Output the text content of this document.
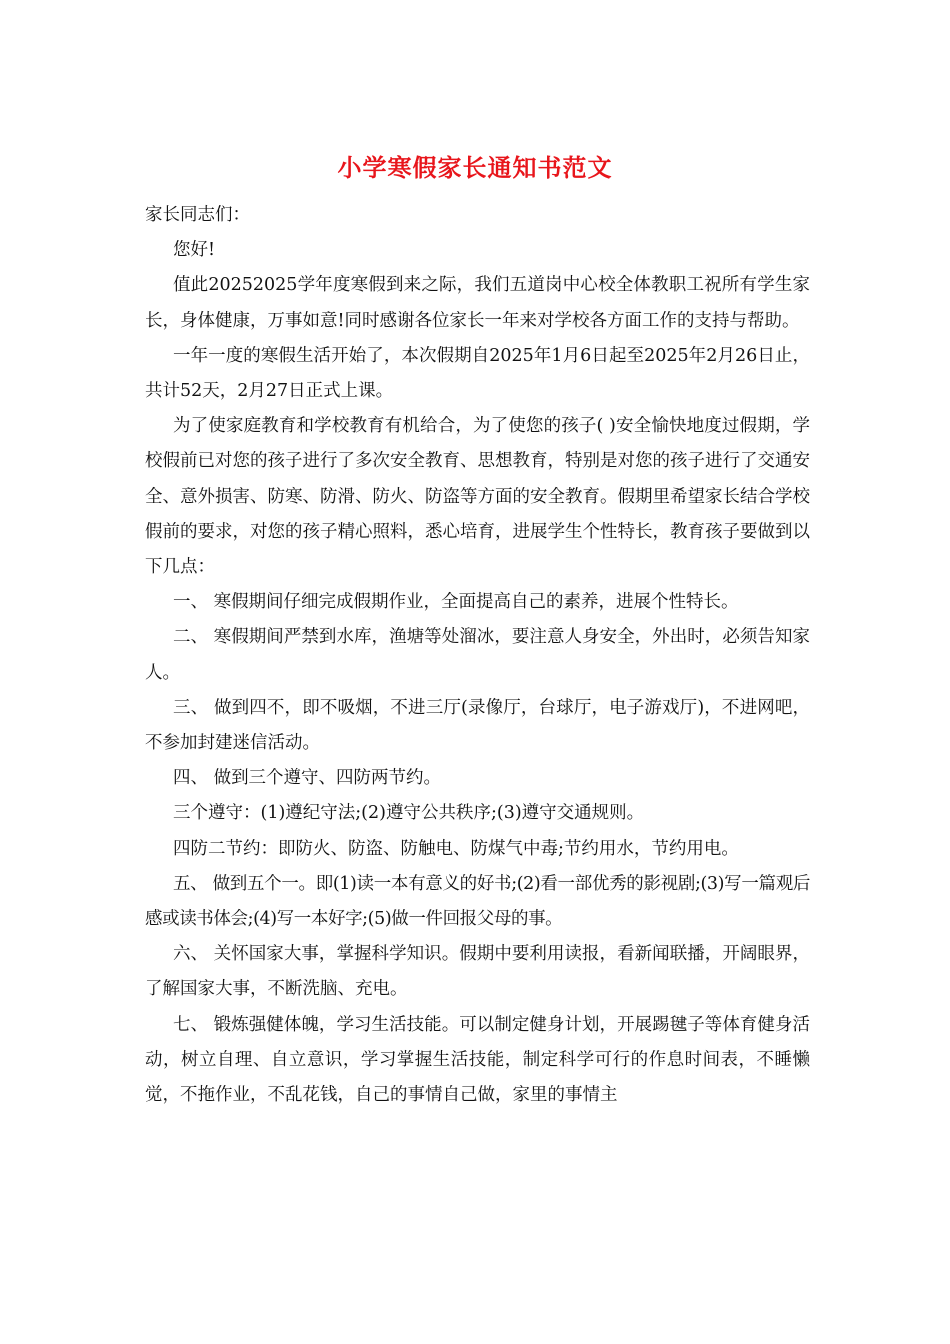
小学寒假家长通知书范文

家长同志们：

您好!

值此20252025学年度寒假到来之际，我们五道岗中心校全体教职工祝所有学生家长，身体健康，万事如意!同时感谢各位家长一年来对学校各方面工作的支持与帮助。

一年一度的寒假生活开始了，本次假期自2025年1月6日起至2025年2月26日止，共计52天，2月27日正式上课。

为了使家庭教育和学校教育有机给合，为了使您的孩子( )安全愉快地度过假期，学校假前已对您的孩子进行了多次安全教育、思想教育，特别是对您的孩子进行了交通安全、意外损害、防寒、防滑、防火、防盗等方面的安全教育。假期里希望家长结合学校假前的要求，对您的孩子精心照料，悉心培育，进展学生个性特长，教育孩子要做到以下几点：

一、 寒假期间仔细完成假期作业，全面提高自己的素养，进展个性特长。

二、 寒假期间严禁到水库，渔塘等处溜冰，要注意人身安全，外出时，必须告知家人。

三、 做到四不，即不吸烟，不进三厅(录像厅，台球厅，电子游戏厅)，不进网吧，不参加封建迷信活动。

四、 做到三个遵守、四防两节约。

三个遵守：(1)遵纪守法;(2)遵守公共秩序;(3)遵守交通规则。

四防二节约：即防火、防盗、防触电、防煤气中毒;节约用水，节约用电。

五、 做到五个一。即(1)读一本有意义的好书;(2)看一部优秀的影视剧;(3)写一篇观后感或读书体会;(4)写一本好字;(5)做一件回报父母的事。

六、 关怀国家大事，掌握科学知识。假期中要利用读报，看新闻联播，开阔眼界，了解国家大事，不断洗脑、充电。

七、 锻炼强健体魄，学习生活技能。可以制定健身计划，开展踢毽子等体育健身活动，树立自理、自立意识，学习掌握生活技能，制定科学可行的作息时间表，不睡懒觉，不拖作业，不乱花钱，自己的事情自己做，家里的事情主
